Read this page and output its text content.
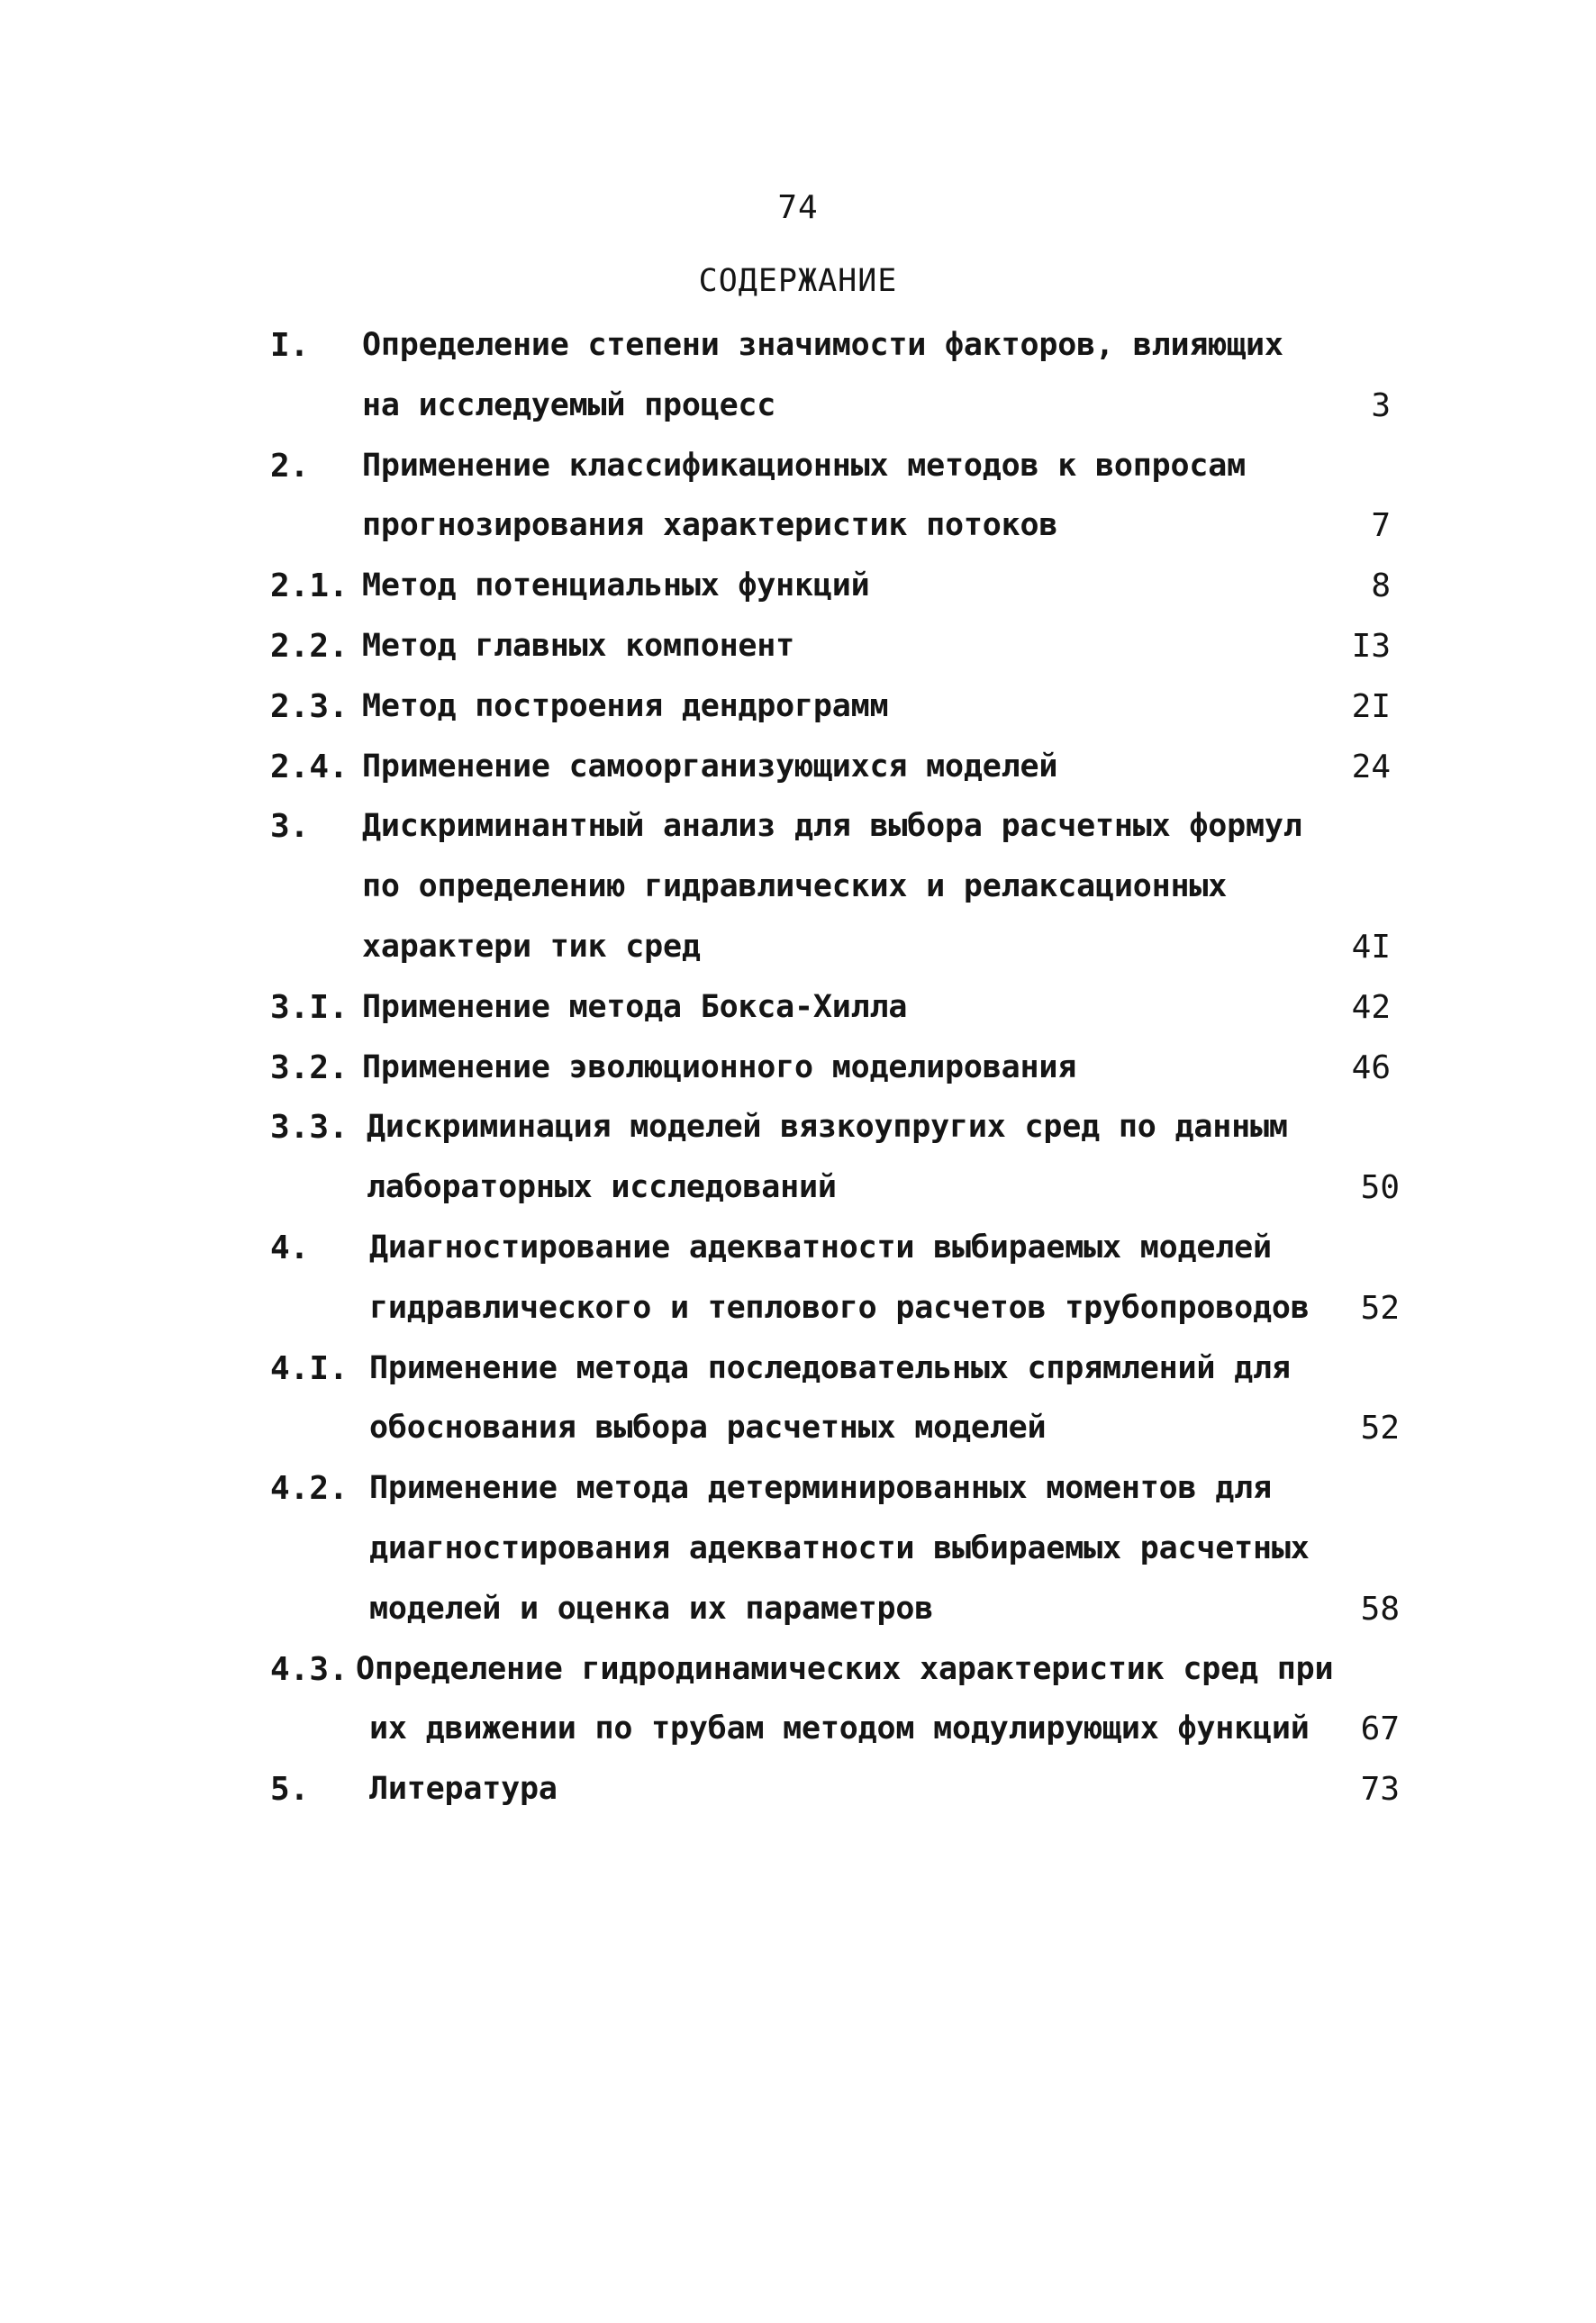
74
СОДЕРЖАНИЕ
I. Определение степени значимости факторов, влияющих
на исследуемый процесс	3
2. Применение классификационных методов к вопросам
прогнозирования характеристик потоков	7
2.1. Метод потенциальных функций	8
2.2. Метод главных компонент	I3
2.3. Метод построения дендрограмм	2I
2.4. Применение самоорганизующихся моделей	24
3. Дискриминантный анализ для выбора расчетных формул
по определению гидравлических и релаксационных
характери тик сред	4I
3.I. Применение метода Бокса-Хилла	42
3.2. Применение эволюционного моделирования	46
3.3. Дискриминация моделей вязкоупругих сред по данным
лабораторных исследований	50
4. Диагностирование адекватности выбираемых моделей
гидравлического и теплового расчетов трубопроводов 52
4.I. Применение метода последовательных спрямлений для
обоснования выбора расчетных моделей	52
4.2. Применение метода детерминированных моментов для
диагностирования адекватности выбираемых расчетных
моделей и оценка их параметров	58
4.3. Определение гидродинамических характеристик сред при
их движении по трубам методом модулирующих функций 67
5. Литература	73
